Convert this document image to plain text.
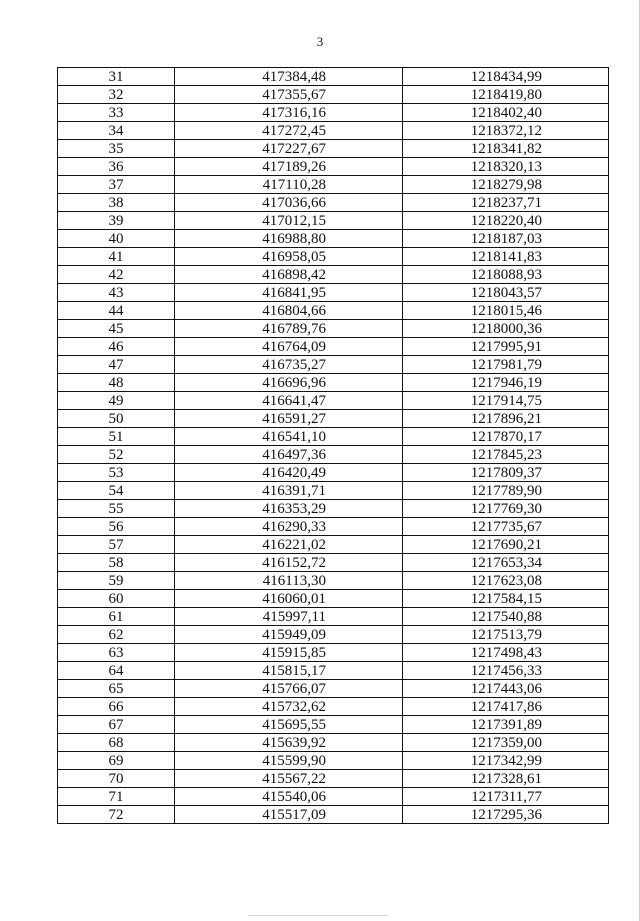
3
31	417384,48	1218434,99
32	417355,67	1218419,80
33	417316,16	1218402,40
34	417272,45	1218372,12
35	417227,67	1218341,82
36	417189,26	1218320,13
37	417110,28	1218279,98
38	417036,66	1218237,71
39	417012,15	1218220,40
40	416988,80	1218187,03
41	416958,05	1218141,83
42	416898,42	1218088,93
43	416841,95	1218043,57
44	416804,66	1218015,46
45	416789,76	1218000,36
46	416764,09	1217995,91
47	416735,27	1217981,79
48	416696,96	1217946,19
49	416641,47	1217914,75
50	416591,27	1217896,21
51	416541,10	1217870,17
52	416497,36	1217845,23
53	416420,49	1217809,37
54	416391,71	1217789,90
55	416353,29	1217769,30
56	416290,33	1217735,67
57	416221,02	1217690,21
58	416152,72	1217653,34
59	416113,30	1217623,08
60	416060,01	1217584,15
61	415997,11	1217540,88
62	415949,09	1217513,79
63	415915,85	1217498,43
64	415815,17	1217456,33
65	415766,07	1217443,06
66	415732,62	1217417,86
67	415695,55	1217391,89
68	415639,92	1217359,00
69	415599,90	1217342,99
70	415567,22	1217328,61
71	415540,06	1217311,77
72	415517,09	1217295,36
